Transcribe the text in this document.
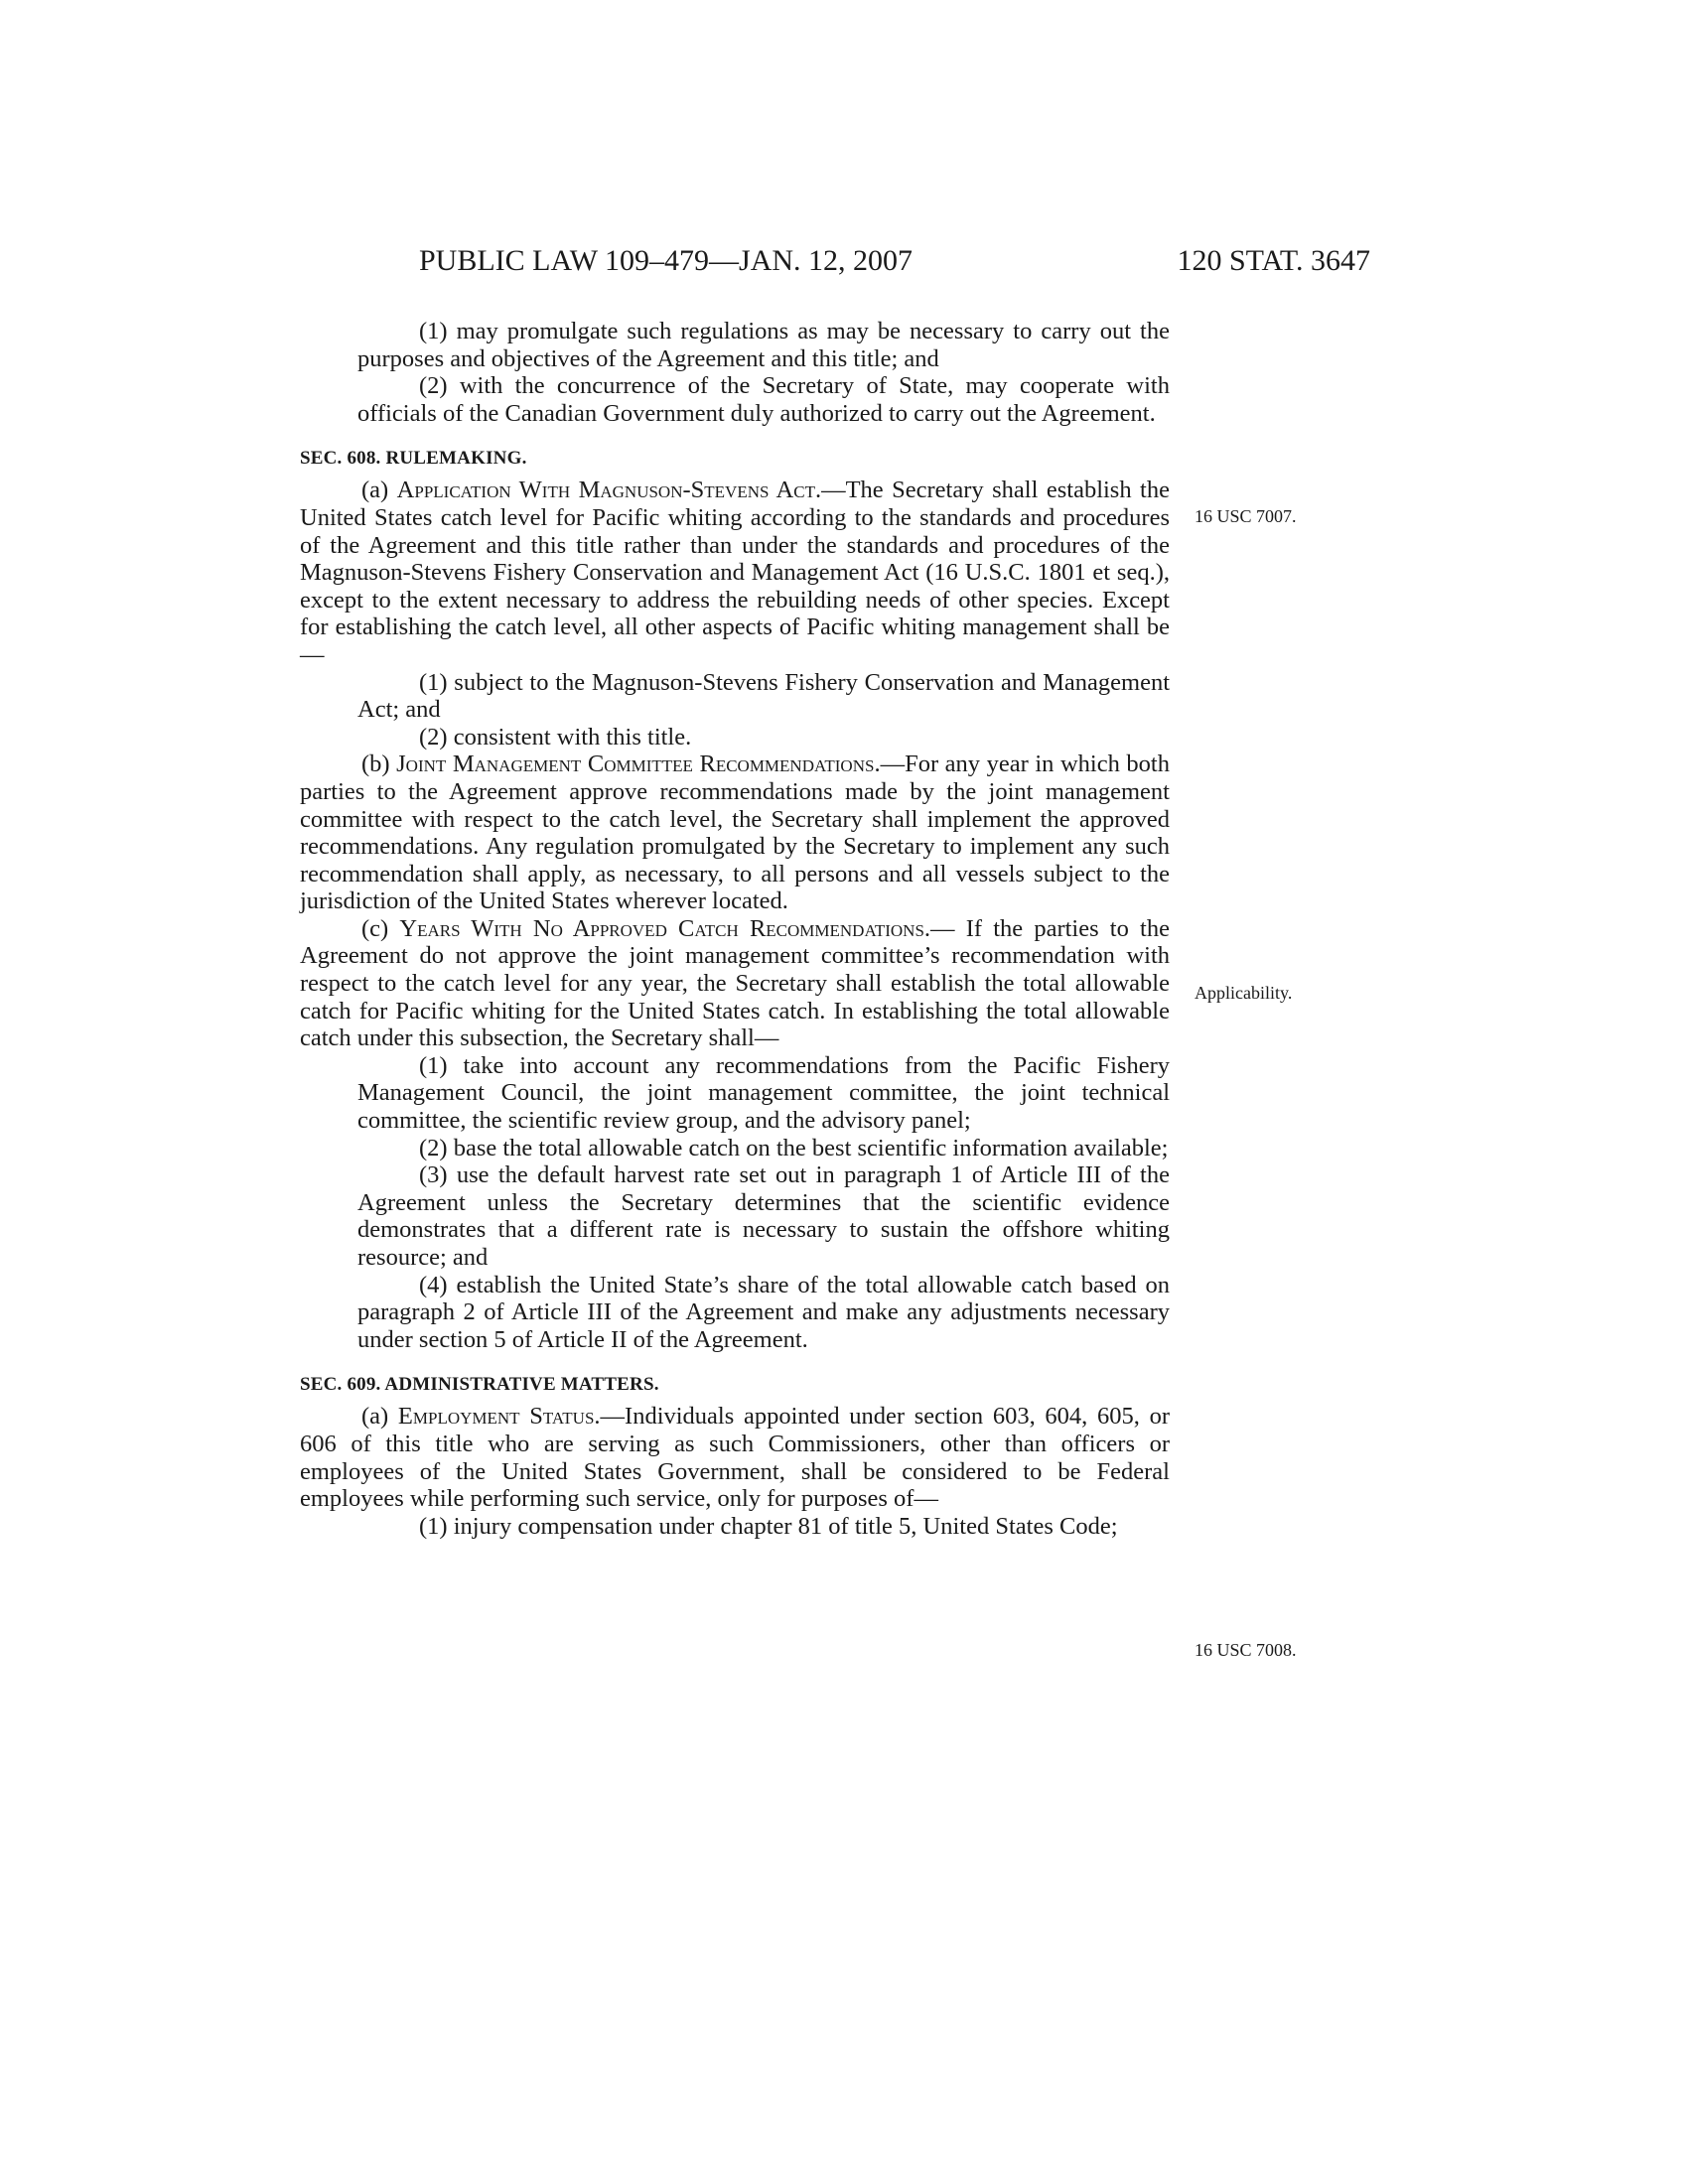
PUBLIC LAW 109–479—JAN. 12, 2007	120 STAT. 3647
16 USC 7007.
Applicability.
16 USC 7008.

(1) may promulgate such regulations as may be necessary to carry out the purposes and objectives of the Agreement and this title; and

(2) with the concurrence of the Secretary of State, may cooperate with officials of the Canadian Government duly authorized to carry out the Agreement.

SEC. 608. RULEMAKING.

(a) Application With Magnuson-Stevens Act.—The Secretary shall establish the United States catch level for Pacific whiting according to the standards and procedures of the Agreement and this title rather than under the standards and procedures of the Magnuson-Stevens Fishery Conservation and Management Act (16 U.S.C. 1801 et seq.), except to the extent necessary to address the rebuilding needs of other species. Except for establishing the catch level, all other aspects of Pacific whiting management shall be—

(1) subject to the Magnuson-Stevens Fishery Conservation and Management Act; and

(2) consistent with this title.

(b) Joint Management Committee Recommendations.—For any year in which both parties to the Agreement approve recommendations made by the joint management committee with respect to the catch level, the Secretary shall implement the approved recommendations. Any regulation promulgated by the Secretary to implement any such recommendation shall apply, as necessary, to all persons and all vessels subject to the jurisdiction of the United States wherever located.

(c) Years With No Approved Catch Recommendations.— If the parties to the Agreement do not approve the joint management committee’s recommendation with respect to the catch level for any year, the Secretary shall establish the total allowable catch for Pacific whiting for the United States catch. In establishing the total allowable catch under this subsection, the Secretary shall—

(1) take into account any recommendations from the Pacific Fishery Management Council, the joint management committee, the joint technical committee, the scientific review group, and the advisory panel;

(2) base the total allowable catch on the best scientific information available;

(3) use the default harvest rate set out in paragraph 1 of Article III of the Agreement unless the Secretary determines that the scientific evidence demonstrates that a different rate is necessary to sustain the offshore whiting resource; and

(4) establish the United State’s share of the total allowable catch based on paragraph 2 of Article III of the Agreement and make any adjustments necessary under section 5 of Article II of the Agreement.

SEC. 609. ADMINISTRATIVE MATTERS.

(a) Employment Status.—Individuals appointed under section 603, 604, 605, or 606 of this title who are serving as such Commissioners, other than officers or employees of the United States Government, shall be considered to be Federal employees while performing such service, only for purposes of—

(1) injury compensation under chapter 81 of title 5, United States Code;
